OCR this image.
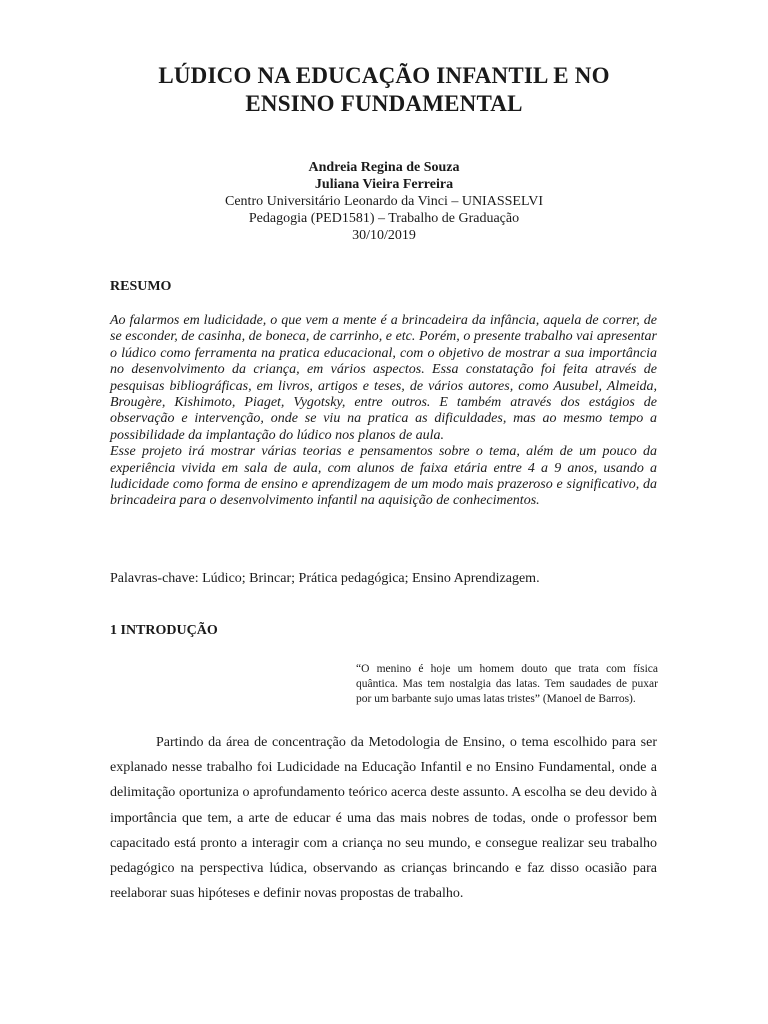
LÚDICO NA EDUCAÇÃO INFANTIL E NO
ENSINO FUNDAMENTAL
Andreia Regina de Souza
Juliana Vieira Ferreira
Centro Universitário Leonardo da Vinci – UNIASSELVI
Pedagogia (PED1581) – Trabalho de Graduação
30/10/2019
RESUMO

Ao falarmos em ludicidade, o que vem a mente é a brincadeira da infância, aquela de correr, de se esconder, de casinha, de boneca, de carrinho, e etc. Porém, o presente trabalho vai apresentar o lúdico como ferramenta na pratica educacional, com o objetivo de mostrar a sua importância no desenvolvimento da criança, em vários aspectos. Essa constatação foi feita através de pesquisas bibliográficas, em livros, artigos e teses, de vários autores, como Ausubel, Almeida, Brougère, Kishimoto, Piaget, Vygotsky, entre outros. E também através dos estágios de observação e intervenção, onde se viu na pratica as dificuldades, mas ao mesmo tempo a possibilidade da implantação do lúdico nos planos de aula.

Esse projeto irá mostrar várias teorias e pensamentos sobre o tema, além de um pouco da experiência vivida em sala de aula, com alunos de faixa etária entre 4 a 9 anos, usando a ludicidade como forma de ensino e aprendizagem de um modo mais prazeroso e significativo, da brincadeira para o desenvolvimento infantil na aquisição de conhecimentos.

Palavras-chave: Lúdico; Brincar; Prática pedagógica; Ensino Aprendizagem.

1 INTRODUÇÃO

“O menino é hoje um homem douto que trata com física quântica. Mas tem nostalgia das latas. Tem saudades de puxar por um barbante sujo umas latas tristes” (Manoel de Barros).

Partindo da área de concentração da Metodologia de Ensino, o tema escolhido para ser explanado nesse trabalho foi Ludicidade na Educação Infantil e no Ensino Fundamental, onde a delimitação oportuniza o aprofundamento teórico acerca deste assunto. A escolha se deu devido à importância que tem, a arte de educar é uma das mais nobres de todas, onde o professor bem capacitado está pronto a interagir com a criança no seu mundo, e consegue realizar seu trabalho pedagógico na perspectiva lúdica, observando as crianças brincando e faz disso ocasião para reelaborar suas hipóteses e definir novas propostas de trabalho.
